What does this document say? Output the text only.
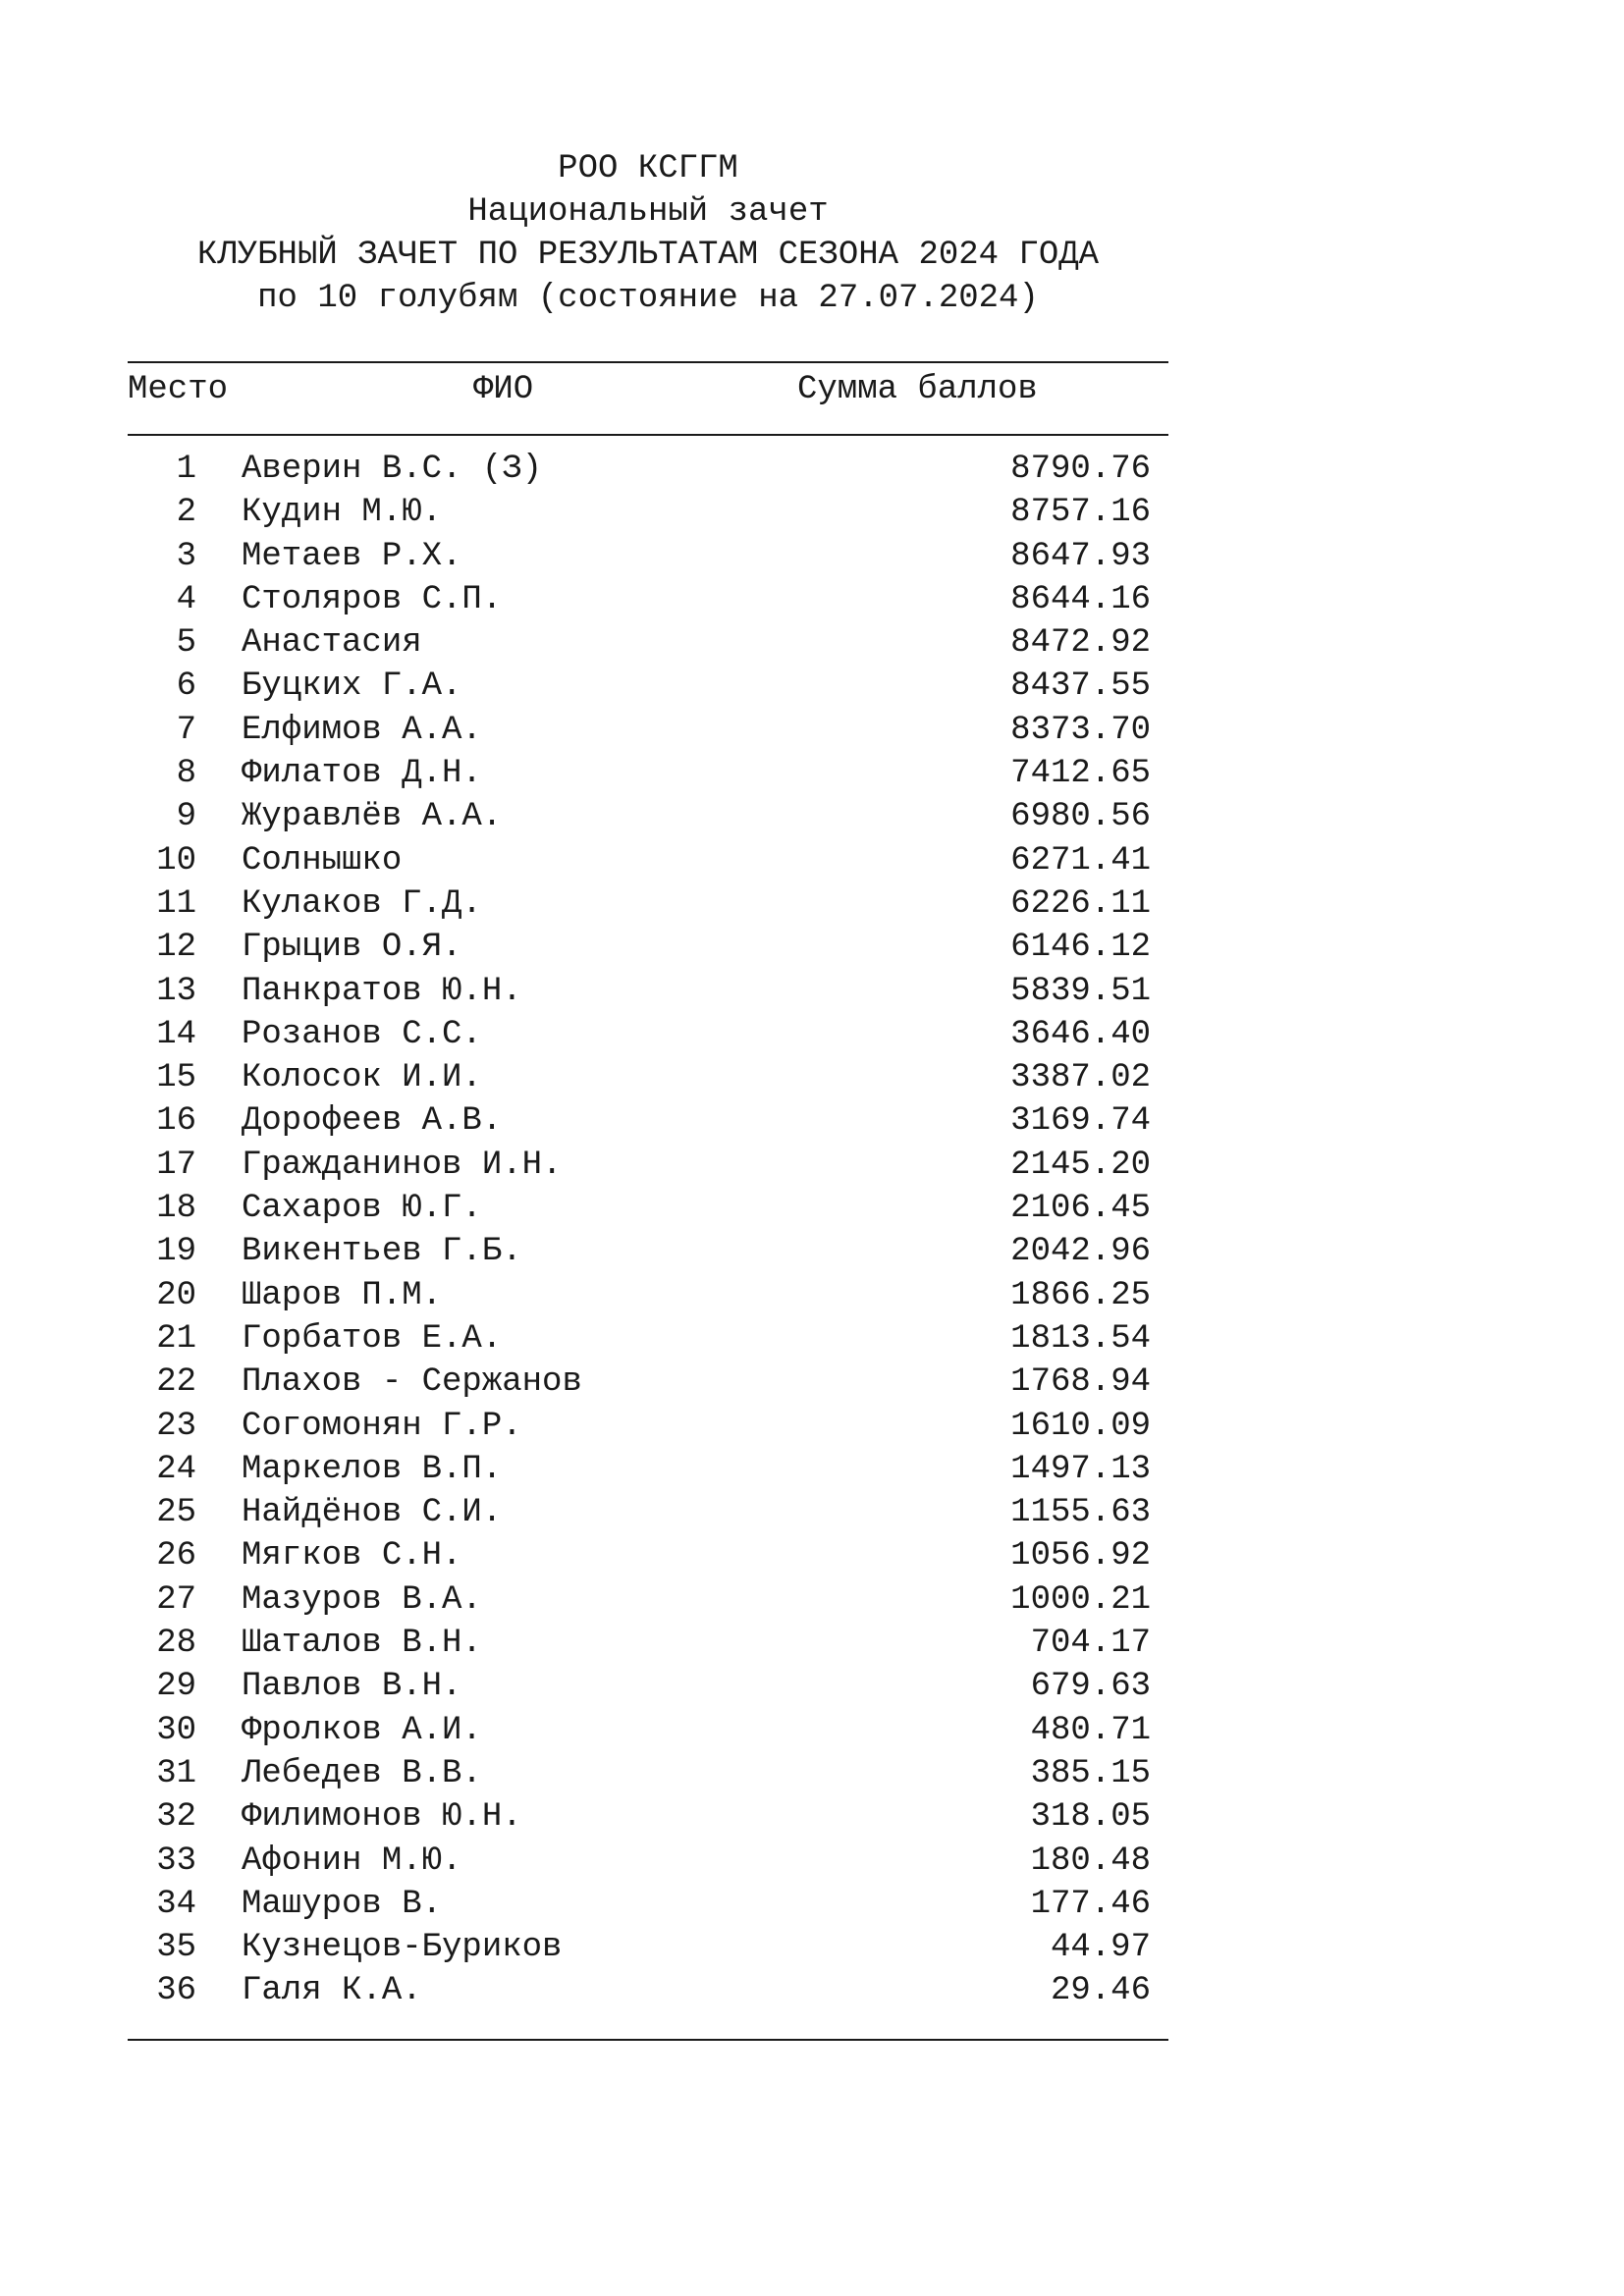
РОО КСГГМ
Национальный зачет
КЛУБНЫЙ ЗАЧЕТ ПО РЕЗУЛЬТАТАМ СЕЗОНА 2024 ГОДА
по 10 голубям (состояние на 27.07.2024)
Место	ФИО	Сумма баллов
1 Аверин В.С. (З)	8790.76
2 Кудин М.Ю.	8757.16
3 Метаев Р.Х.	8647.93
4 Столяров С.П.	8644.16
5 Анастасия	8472.92
6 Буцких Г.А.	8437.55
7 Елфимов А.А.	8373.70
8 Филатов Д.Н.	7412.65
9 Журавлёв А.А.	6980.56
10 Солнышко	6271.41
11 Кулаков Г.Д.	6226.11
12 Грыцив О.Я.	6146.12
13 Панкратов Ю.Н.	5839.51
14 Розанов С.С.	3646.40
15 Колосок И.И.	3387.02
16 Дорофеев А.В.	3169.74
17 Гражданинов И.Н.	2145.20
18 Сахаров Ю.Г.	2106.45
19 Викентьев Г.Б.	2042.96
20 Шаров П.М.	1866.25
21 Горбатов Е.А.	1813.54
22 Плахов - Сержанов	1768.94
23 Согомонян Г.Р.	1610.09
24 Маркелов В.П.	1497.13
25 Найдёнов С.И.	1155.63
26 Мягков С.Н.	1056.92
27 Мазуров В.А.	1000.21
28 Шаталов В.Н.	704.17
29 Павлов В.Н.	679.63
30 Фролков А.И.	480.71
31 Лебедев В.В.	385.15
32 Филимонов Ю.Н.	318.05
33 Афонин М.Ю.	180.48
34 Машуров В.	177.46
35 Кузнецов-Буриков	44.97
36 Галя К.А.	29.46
